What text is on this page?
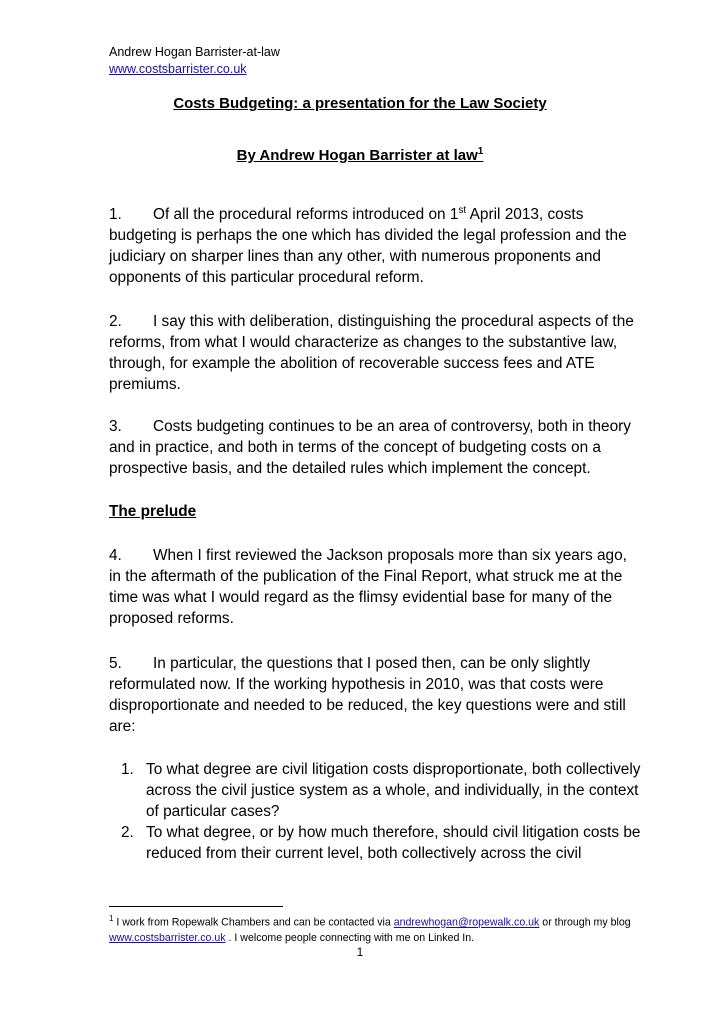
Andrew Hogan Barrister-at-law
www.costsbarrister.co.uk
Costs Budgeting: a presentation for the Law Society
By Andrew Hogan Barrister at law$^1$
1. Of all the procedural reforms introduced on 1st April 2013, costs budgeting is perhaps the one which has divided the legal profession and the judiciary on sharper lines than any other, with numerous proponents and opponents of this particular procedural reform.
2. I say this with deliberation, distinguishing the procedural aspects of the reforms, from what I would characterize as changes to the substantive law, through, for example the abolition of recoverable success fees and ATE premiums.
3. Costs budgeting continues to be an area of controversy, both in theory and in practice, and both in terms of the concept of budgeting costs on a prospective basis, and the detailed rules which implement the concept.
The prelude
4. When I first reviewed the Jackson proposals more than six years ago, in the aftermath of the publication of the Final Report, what struck me at the time was what I would regard as the flimsy evidential base for many of the proposed reforms.
5. In particular, the questions that I posed then, can be only slightly reformulated now. If the working hypothesis in 2010, was that costs were disproportionate and needed to be reduced, the key questions were and still are:
1. To what degree are civil litigation costs disproportionate, both collectively across the civil justice system as a whole, and individually, in the context of particular cases?
2. To what degree, or by how much therefore, should civil litigation costs be reduced from their current level, both collectively across the civil
$^1$ I work from Ropewalk Chambers and can be contacted via andrewhogan@ropewalk.co.uk or through my blog www.costsbarrister.co.uk . I welcome people connecting with me on Linked In.
1
